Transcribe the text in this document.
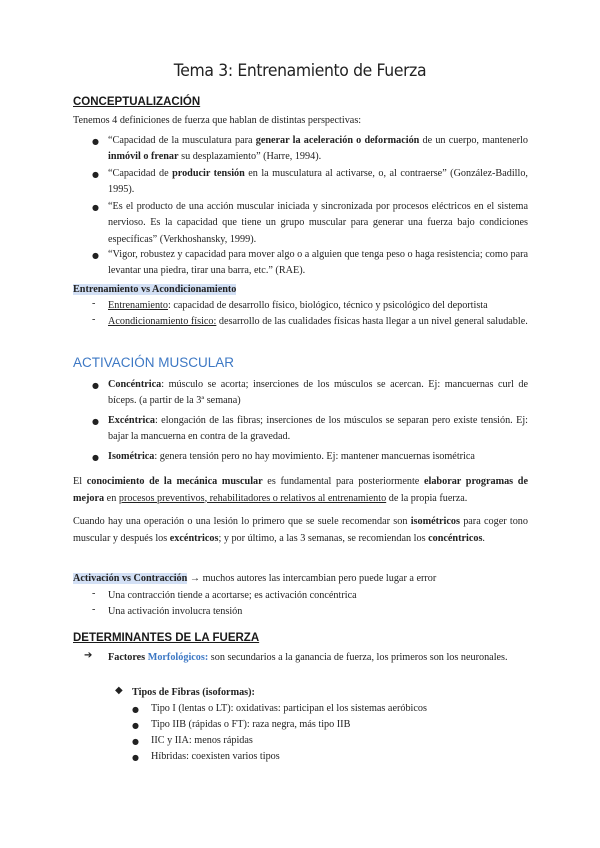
Tema 3: Entrenamiento de Fuerza
CONCEPTUALIZACIÓN
Tenemos 4 definiciones de fuerza que hablan de distintas perspectivas:
● “Capacidad de la musculatura para generar la aceleración o deformación de un cuerpo, mantenerlo inmóvil o frenar su desplazamiento” (Harre, 1994).
● “Capacidad de producir tensión en la musculatura al activarse, o, al contraerse” (González-Badillo, 1995).
● “Es el producto de una acción muscular iniciada y sincronizada por procesos eléctricos en el sistema nervioso. Es la capacidad que tiene un grupo muscular para generar una fuerza bajo condiciones específicas” (Verkhoshansky, 1999).
● “Vigor, robustez y capacidad para mover algo o a alguien que tenga peso o haga resistencia; como para levantar una piedra, tirar una barra, etc.” (RAE).
Entrenamiento vs Acondicionamiento
- Entrenamiento: capacidad de desarrollo físico, biológico, técnico y psicológico del deportista
- Acondicionamiento físico: desarrollo de las cualidades físicas hasta llegar a un nivel general saludable.
ACTIVACIÓN MUSCULAR
● Concéntrica: músculo se acorta; inserciones de los músculos se acercan. Ej: mancuernas curl de bíceps. (a partir de la 3ª semana)
● Excéntrica: elongación de las fibras; inserciones de los músculos se separan pero existe tensión. Ej: bajar la mancuerna en contra de la gravedad.
● Isométrica: genera tensión pero no hay movimiento. Ej: mantener mancuernas isométrica
El conocimiento de la mecánica muscular es fundamental para posteriormente elaborar programas de mejora en procesos preventivos, rehabilitadores o relativos al entrenamiento de la propia fuerza.
Cuando hay una operación o una lesión lo primero que se suele recomendar son isométricos para coger tono muscular y después los excéntricos; y por último, a las 3 semanas, se recomiendan los concéntricos.
Activación vs Contracción → muchos autores las intercambian pero puede lugar a error
- Una contracción tiende a acortarse; es activación concéntrica
- Una activación involucra tensión
DETERMINANTES DE LA FUERZA
➔ Factores Morfológicos: son secundarios a la ganancia de fuerza, los primeros son los neuronales.
◆ Tipos de Fibras (isoformas):
● Tipo I (lentas o LT): oxidativas: participan el los sistemas aeróbicos
● Tipo IIB (rápidas o FT): raza negra, más tipo IIB
● IIC y IIA: menos rápidas
● Híbridas: coexisten varios tipos
